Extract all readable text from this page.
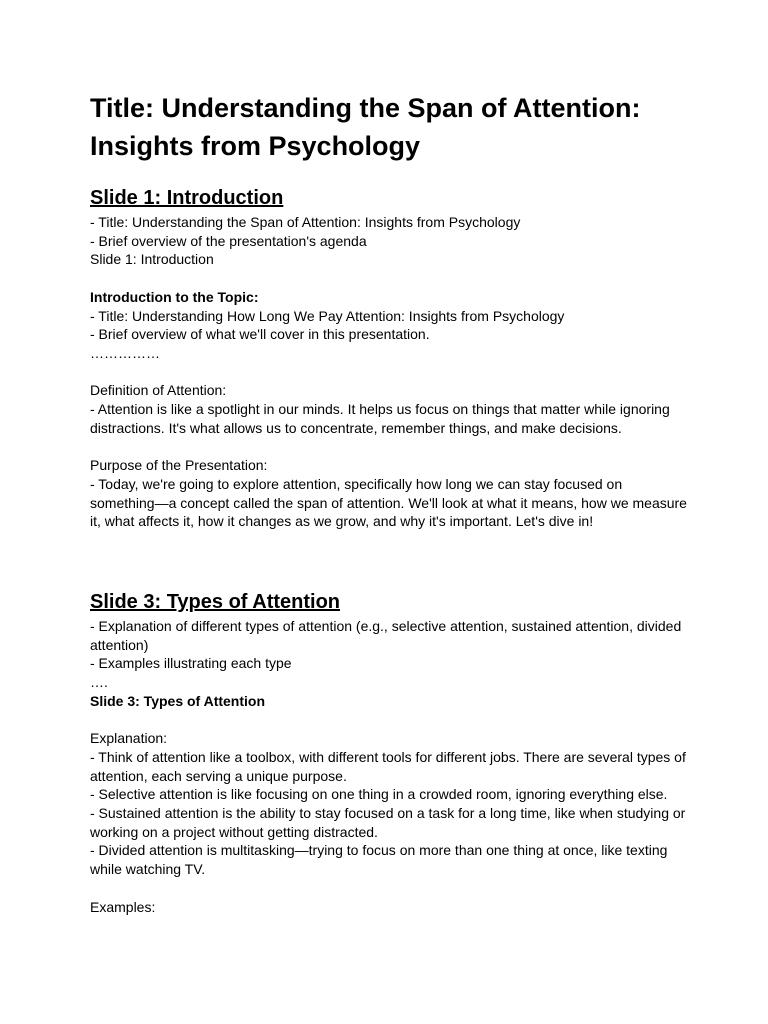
Title: Understanding the Span of Attention: Insights from Psychology
Slide 1: Introduction
- Title: Understanding the Span of Attention: Insights from Psychology
- Brief overview of the presentation's agenda
Slide 1: Introduction
Introduction to the Topic:
- Title: Understanding How Long We Pay Attention: Insights from Psychology
- Brief overview of what we'll cover in this presentation.
……………
Definition of Attention:
- Attention is like a spotlight in our minds. It helps us focus on things that matter while ignoring distractions. It's what allows us to concentrate, remember things, and make decisions.
Purpose of the Presentation:
- Today, we're going to explore attention, specifically how long we can stay focused on something—a concept called the span of attention. We'll look at what it means, how we measure it, what affects it, how it changes as we grow, and why it's important. Let's dive in!
Slide 3: Types of Attention
- Explanation of different types of attention (e.g., selective attention, sustained attention, divided attention)
- Examples illustrating each type
….
Slide 3: Types of Attention
Explanation:
- Think of attention like a toolbox, with different tools for different jobs. There are several types of attention, each serving a unique purpose.
- Selective attention is like focusing on one thing in a crowded room, ignoring everything else.
- Sustained attention is the ability to stay focused on a task for a long time, like when studying or working on a project without getting distracted.
- Divided attention is multitasking—trying to focus on more than one thing at once, like texting while watching TV.
Examples:
